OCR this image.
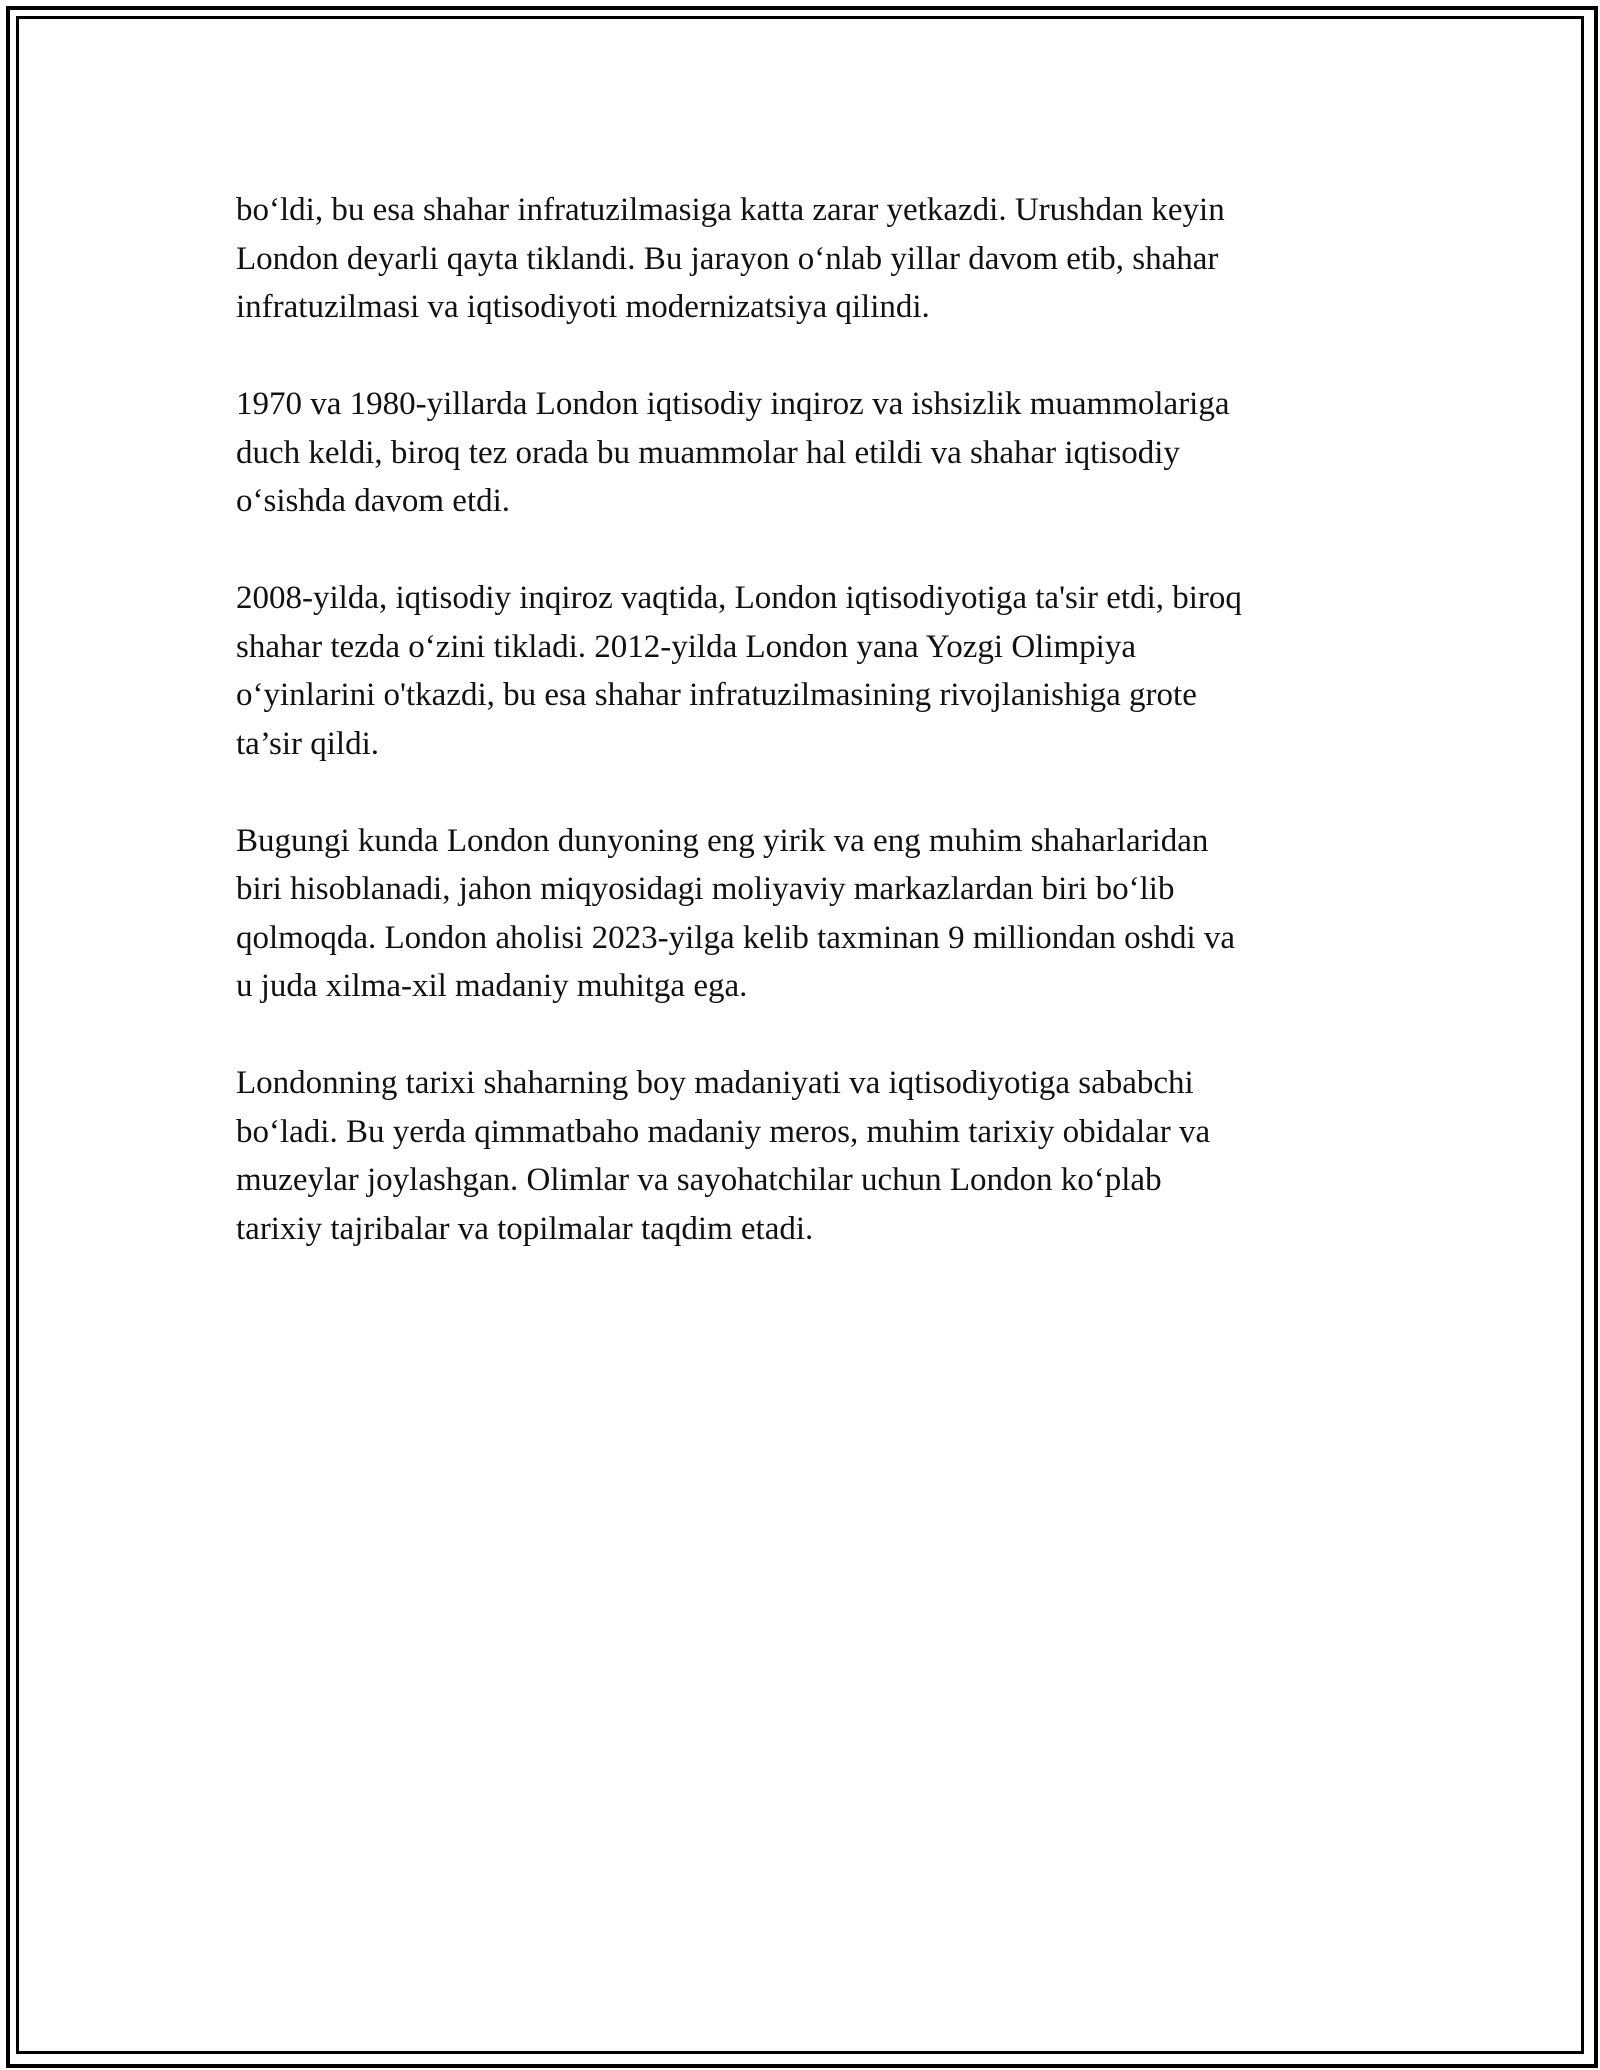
bo‘ldi, bu esa shahar infratuzilmasiga katta zarar yetkazdi. Urushdan keyin
London deyarli qayta tiklandi. Bu jarayon o‘nlab yillar davom etib, shahar
infratuzilmasi va iqtisodiyoti modernizatsiya qilindi.

1970 va 1980-yillarda London iqtisodiy inqiroz va ishsizlik muammolariga
duch keldi, biroq tez orada bu muammolar hal etildi va shahar iqtisodiy
o‘sishda davom etdi.

2008-yilda, iqtisodiy inqiroz vaqtida, London iqtisodiyotiga ta'sir etdi, biroq
shahar tezda o‘zini tikladi. 2012-yilda London yana Yozgi Olimpiya
o‘yinlarini o'tkazdi, bu esa shahar infratuzilmasining rivojlanishiga grote
ta’sir qildi.

Bugungi kunda London dunyoning eng yirik va eng muhim shaharlaridan
biri hisoblanadi, jahon miqyosidagi moliyaviy markazlardan biri bo‘lib
qolmoqda. London aholisi 2023-yilga kelib taxminan 9 milliondan oshdi va
u juda xilma-xil madaniy muhitga ega.

Londonning tarixi shaharning boy madaniyati va iqtisodiyotiga sababchi
bo‘ladi. Bu yerda qimmatbaho madaniy meros, muhim tarixiy obidalar va
muzeylar joylashgan. Olimlar va sayohatchilar uchun London ko‘plab
tarixiy tajribalar va topilmalar taqdim etadi.
